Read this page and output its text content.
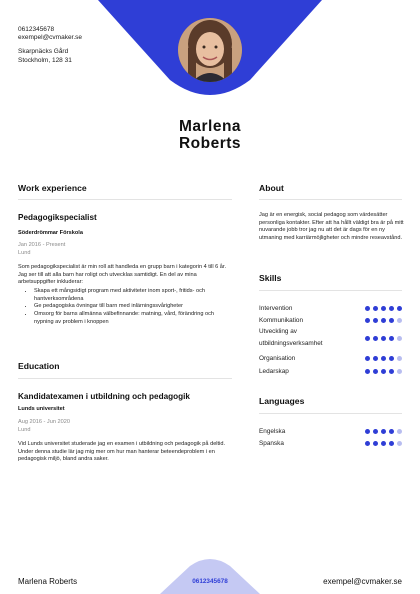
0612345678
exempel@cvmaker.se
Skarpnäcks Gård
Stockholm, 128 31
Marlena
Roberts
Work experience
Pedagogikspecialist
Söderdrömmar Förskola
Jan 2016 - Present
Lund
Som pedagogikspecialist är min roll att handleda en grupp barn i kategorin 4 till 6 år. Jag ser till att alla barn har roligt och utvecklas samtidigt. En del av mina arbetsuppgifter inkluderar:
• Skapa ett mångsidigt program med aktiviteter inom sport-, fritids- och hantverksområdena
• Ge pedagogiska övningar till barn med inlärningssvårigheter
• Omsorg för barns allmänna välbefinnande: matning, vård, förändring och nypning av problem i knoppen
Education
Kandidatexamen i utbildning och pedagogik
Lunds universitet
Aug 2016 - Jun 2020
Lund
Vid Lunds universitet studerade jag en examen i utbildning och pedagogik på deltid. Under denna studie lär jag mig mer om hur man hanterar beteendeproblem i en pedagogisk miljö, bland andra saker.
About
Jag är en energisk, social pedagog som värdesätter personliga kontakter. Efter att ha hållt väldigt bra är på mitt nuvarande jobb tror jag nu att det är dags för en ny utmaning med karriärmöjligheter och mindre reseavstånd.
Skills
Intervention
Kommunikation
Utveckling av utbildningsverksamhet
Organisation
Ledarskap
Languages
Engelska
Spanska
Marlena Roberts	0612345678	exempel@cvmaker.se
